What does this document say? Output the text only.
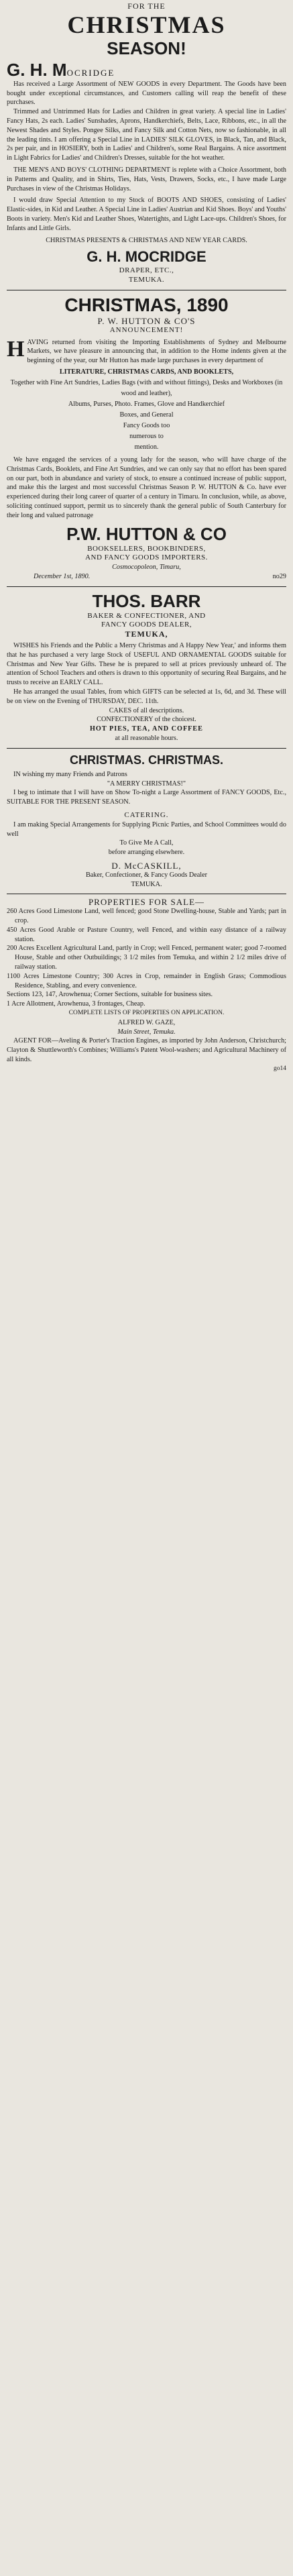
FOR THE
CHRISTMAS
SEASON!
G. H. MOCRIDGE

Has received a Large Assortment of NEW GOODS in every Department. The Goods have been bought under exceptional circumstances, and Customers calling will reap the benefit of these purchases.

Trimmed and Untrimmed Hats for Ladies and Children in great variety. A special line in Ladies' Fancy Hats, 2s each. Ladies' Sunshades, Aprons, Handkerchiefs, Belts, Lace, Ribbons, etc., in all the Newest Shades and Styles. Pongee Silks, and Fancy Silk and Cotton Nets, now so fashionable, in all the leading tints. I am offering a Special Line in LADIES' SILK GLOVES, in Black, Tan, and Black, 2s per pair, and in HOSIERY, both in Ladies' and Children's, some Real Bargains. A nice assortment in Light Fabrics for Ladies' and Children's Dresses, suitable for the hot weather.

THE MEN'S AND BOYS' CLOTHING DEPARTMENT is replete with a Choice Assortment, both in Patterns and Quality, and in Shirts, Ties, Hats, Vests, Drawers, Socks, etc., I have made Large Purchases in view of the Christmas Holidays.

I would draw Special Attention to my Stock of BOOTS AND SHOES, consisting of Ladies' Elastic-sides, in Kid and Leather. A Special Line in Ladies' Austrian and Kid Shoes. Boys' and Youths' Boots in variety. Men's Kid and Leather Shoes, Watertights, and Light Lace-ups. Children's Shoes, for Infants and Little Girls.

CHRISTMAS PRESENTS & CHRISTMAS AND NEW YEAR CARDS.

G. H. MOCRIDGE
DRAPER, ETC.,
TEMUKA.
CHRISTMAS, 1890
P. W. HUTTON & CO'S
ANNOUNCEMENT!
H AVING returned from visiting the Importing Establishments of Sydney and Melbourne Markets, we have pleasure in announcing that, in addition to the Home indents given at the beginning of the year, our Mr Hutton has made large purchases in every department of

LITERATURE, CHRISTMAS CARDS, AND BOOKLETS,
Together with Fine Art Sundries, Ladies Bags (with and without fittings), Desks and Workboxes (in wood and leather),
Albums, Purses, Photo. Frames, Glove and Handkerchief
Boxes, and General
Fancy Goods too
numerous to
mention.

We have engaged the services of a young lady for the season, who will have charge of the Christmas Cards, Booklets, and Fine Art Sundries, and we can only say that no effort has been spared on our part, both in abundance and variety of stock, to ensure a continued increase of public support, and make this the largest and most successful Christmas Season P. W. HUTTON & Co. have ever experienced during their long career of quarter of a century in Timaru. In conclusion, while, as above, soliciting continued support, permit us to sincerely thank the general public of South Canterbury for their long and valued patronage

P.W. HUTTON & CO
BOOKSELLERS, BOOKBINDERS,
AND FANCY GOODS IMPORTERS.
Cosmocopoleon, Timaru,
December 1st, 1890.	no29
THOS. BARR
BAKER & CONFECTIONER, AND
FANCY GOODS DEALER,
TEMUKA,

WISHES his Friends and the Public a Merry Christmas and A Happy New Year,' and informs them that he has purchased a very large Stock of USEFUL AND ORNAMENTAL GOODS suitable for Christmas and New Year Gifts. These he is prepared to sell at prices previously unheard of. The attention of School Teachers and others is drawn to this opportunity of securing Real Bargains, and he trusts to receive an EARLY CALL.

He has arranged the usual Tables, from which GIFTS can be selected at 1s, 6d, and 3d. These will be on view on the Evening of THURSDAY, DEC. 11th.

CAKES of all descriptions.
CONFECTIONERY of the choicest.
HOT PIES, TEA, AND COFFEE
at all reasonable hours.
CHRISTMAS. CHRISTMAS.

IN wishing my many Friends and Patrons

"A MERRY CHRISTMAS!"

I beg to intimate that I will have on Show To-night a Large Assortment of FANCY GOODS, Etc., SUITABLE FOR THE PRESENT SEASON.

CATERING.

I am making Special Arrangements for Supplying Picnic Parties, and School Committees would do well

To Give Me A Call,
before arranging elsewhere.
D. McCASKILL,
Baker, Confectioner, & Fancy Goods Dealer
TEMUKA.
PROPERTIES FOR SALE—

260 Acres Good Limestone Land, well fenced; good Stone Dwelling-house, Stable and Yards; part in crop.

450 Acres Good Arable or Pasture Country, well Fenced, and within easy distance of a railway station.

200 Acres Excellent Agricultural Land, partly in Crop; well Fenced, permanent water; good 7-roomed House, Stable and other Outbuildings; 3 1/2 miles from Temuka, and within 2 1/2 miles drive of railway station.

1100 Acres Limestone Country; 300 Acres in Crop, remainder in English Grass; Commodious Residence, Stabling, and every convenience.

Sections 123, 147, Arowhenua; Corner Sections, suitable for business sites.

1 Acre Allotment, Arowhenua, 3 frontages, Cheap.

COMPLETE LISTS OF PROPERTIES ON APPLICATION.
ALFRED W. GAZE,
Main Street, Temuka.

AGENT FOR—Aveling & Porter's Traction Engines, as imported by John Anderson, Christchurch; Clayton & Shuttleworth's Combines; Williams's Patent Wool-washers; and Agricultural Machinery of all kinds.

go14
